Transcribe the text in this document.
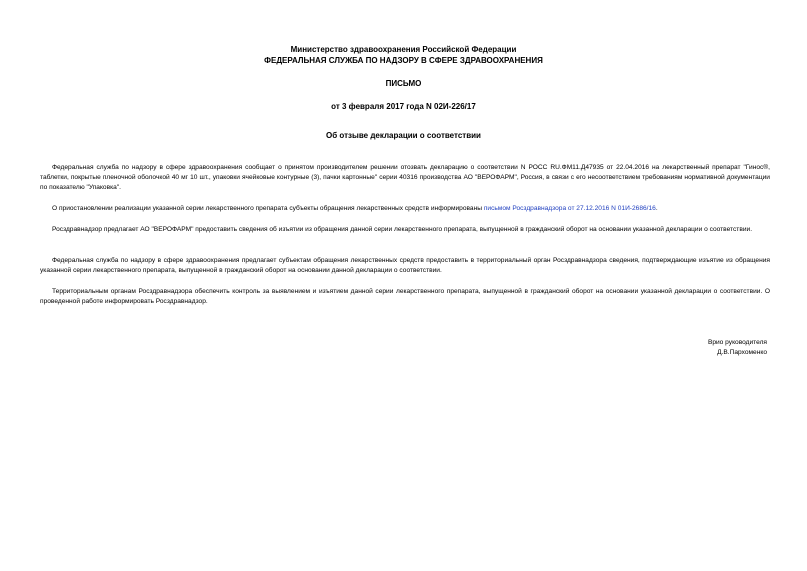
Министерство здравоохранения Российской Федерации
ФЕДЕРАЛЬНАЯ СЛУЖБА ПО НАДЗОРУ В СФЕРЕ ЗДРАВООХРАНЕНИЯ
ПИСЬМО
от 3 февраля 2017 года N 02И-226/17
Об отзыве декларации о соответствии
Федеральная служба по надзору в сфере здравоохранения сообщает о принятом производителем решении отозвать декларацию о соответствии N РОСС RU.ФМ11.Д47935 от 22.04.2016 на лекарственный препарат "Гинос®, таблетки, покрытые пленочной оболочкой 40 мг 10 шт., упаковки ячейковые контурные (3), пачки картонные" серии 40316 производства АО "ВЕРОФАРМ", Россия, в связи с его несоответствием требованиям нормативной документации по показателю "Упаковка".
О приостановлении реализации указанной серии лекарственного препарата субъекты обращения лекарственных средств информированы письмом Росздравнадзора от 27.12.2016 N 01И-2686/16.
Росздравнадзор предлагает АО "ВЕРОФАРМ" предоставить сведения об изъятии из обращения данной серии лекарственного препарата, выпущенной в гражданский оборот на основании указанной декларации о соответствии.
Федеральная служба по надзору в сфере здравоохранения предлагает субъектам обращения лекарственных средств предоставить в территориальный орган Росздравнадзора сведения, подтверждающие изъятие из обращения указанной серии лекарственного препарата, выпущенной в гражданский оборот на основании данной декларации о соответствии.
Территориальным органам Росздравнадзора обеспечить контроль за выявлением и изъятием данной серии лекарственного препарата, выпущенной в гражданский оборот на основании указанной декларации о соответствии. О проведенной работе информировать Росздравнадзор.
Врио руководителя
Д.В.Пархоменко
